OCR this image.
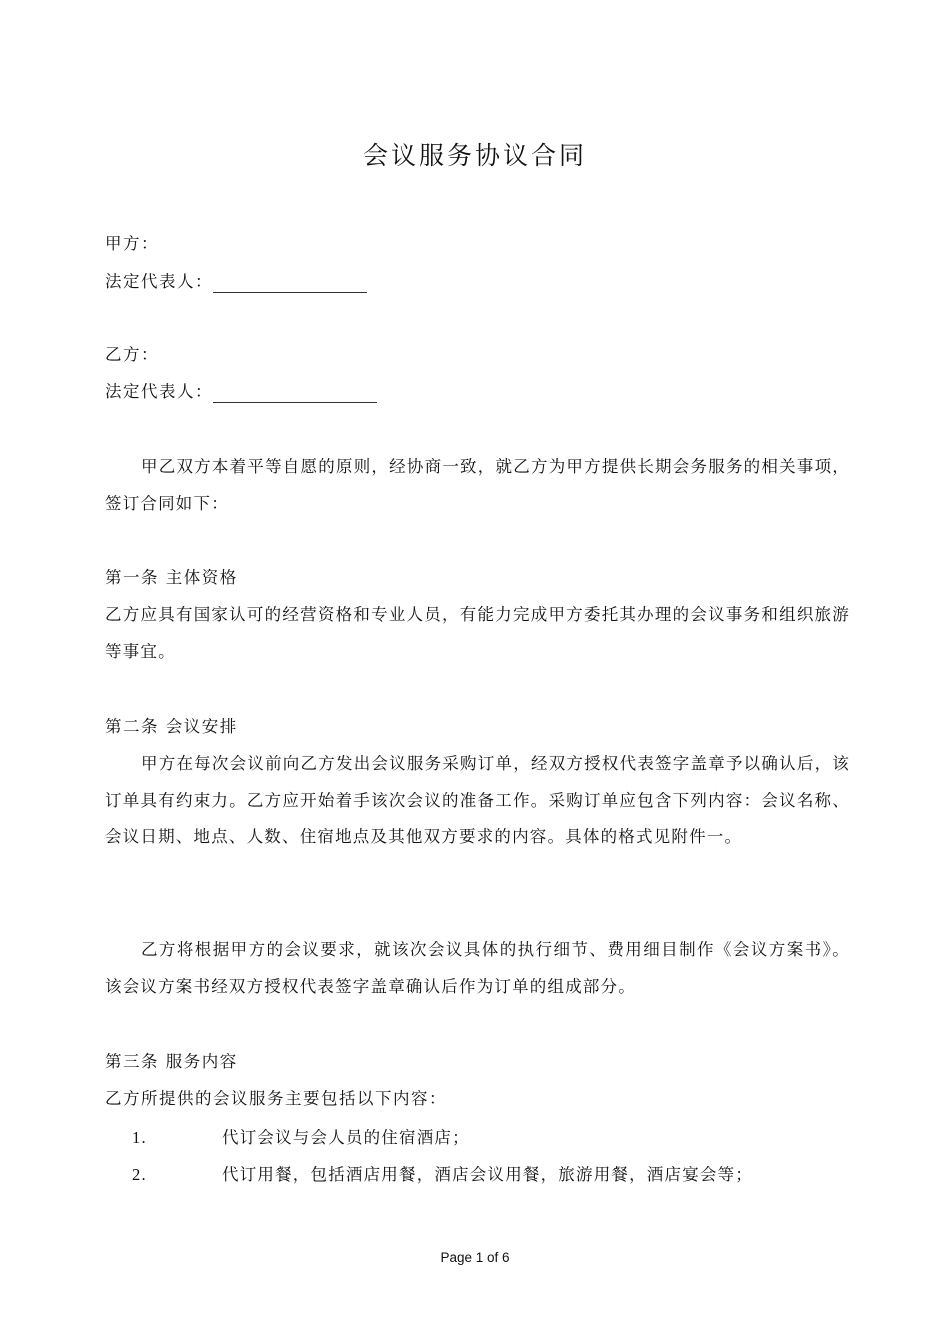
会议服务协议合同
甲方：
法定代表人：
乙方：
法定代表人：
甲乙双方本着平等自愿的原则，经协商一致，就乙方为甲方提供长期会务服务的相关事项，签订合同如下：
第一条 主体资格
乙方应具有国家认可的经营资格和专业人员，有能力完成甲方委托其办理的会议事务和组织旅游等事宜。
第二条 会议安排
甲方在每次会议前向乙方发出会议服务采购订单，经双方授权代表签字盖章予以确认后，该订单具有约束力。乙方应开始着手该次会议的准备工作。采购订单应包含下列内容：会议名称、会议日期、地点、人数、住宿地点及其他双方要求的内容。具体的格式见附件一。
乙方将根据甲方的会议要求，就该次会议具体的执行细节、费用细目制作《会议方案书》。该会议方案书经双方授权代表签字盖章确认后作为订单的组成部分。
第三条 服务内容
乙方所提供的会议服务主要包括以下内容：
1.	代订会议与会人员的住宿酒店；
2.	代订用餐，包括酒店用餐，酒店会议用餐，旅游用餐，酒店宴会等；
Page 1 of 6
